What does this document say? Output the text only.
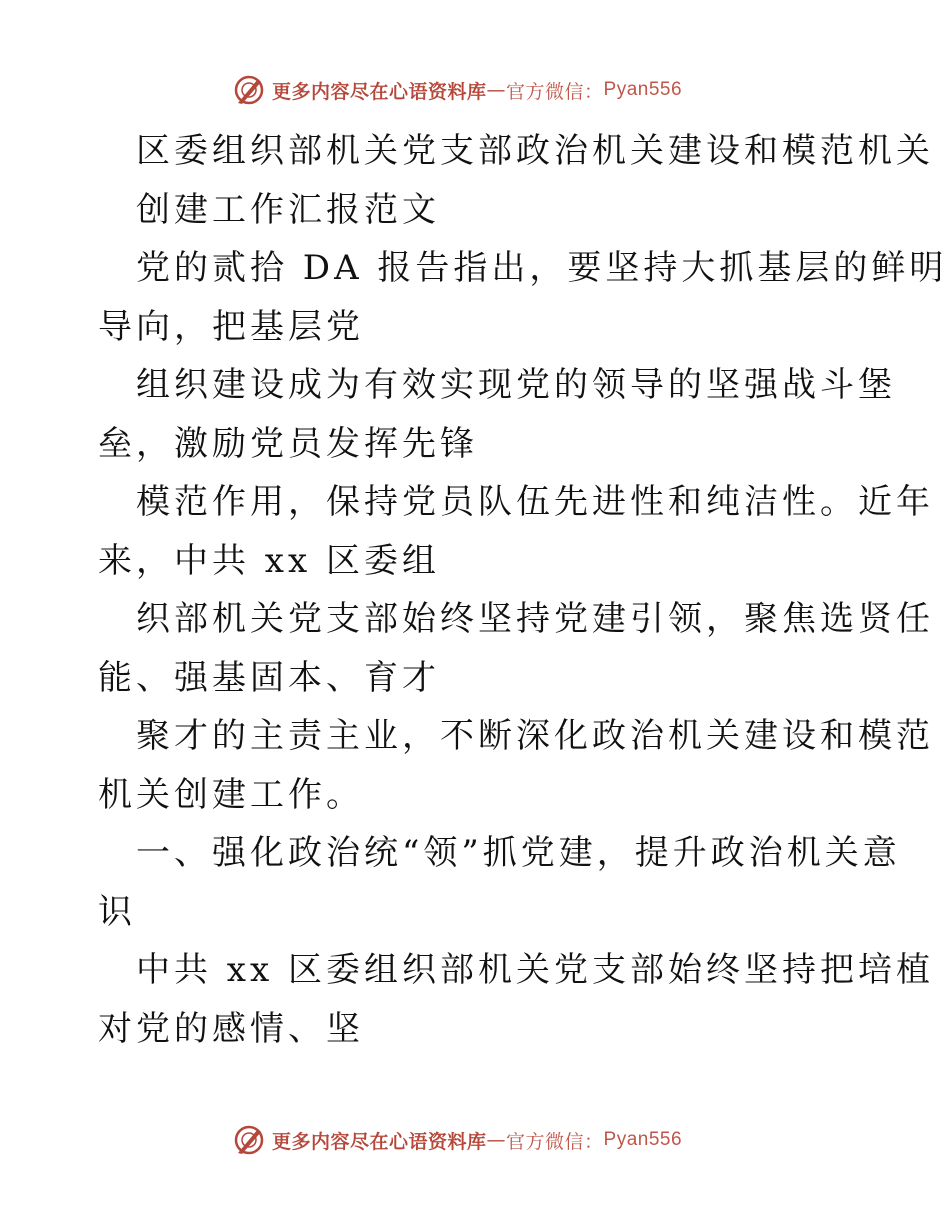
更多内容尽在心语资料库 — 官方微信： Pyan556
区委组织部机关党支部政治机关建设和模范机关
创建工作汇报范文
党的贰拾 DA 报告指出，要坚持大抓基层的鲜明
导向，把基层党
组织建设成为有效实现党的领导的坚强战斗堡
垒，激励党员发挥先锋
模范作用，保持党员队伍先进性和纯洁性。近年
来，中共 xx 区委组
织部机关党支部始终坚持党建引领，聚焦选贤任
能、强基固本、育才
聚才的主责主业，不断深化政治机关建设和模范
机关创建工作。
一、强化政治统“领”抓党建，提升政治机关意
识
中共 xx 区委组织部机关党支部始终坚持把培植
对党的感情、坚
更多内容尽在心语资料库 — 官方微信： Pyan556
